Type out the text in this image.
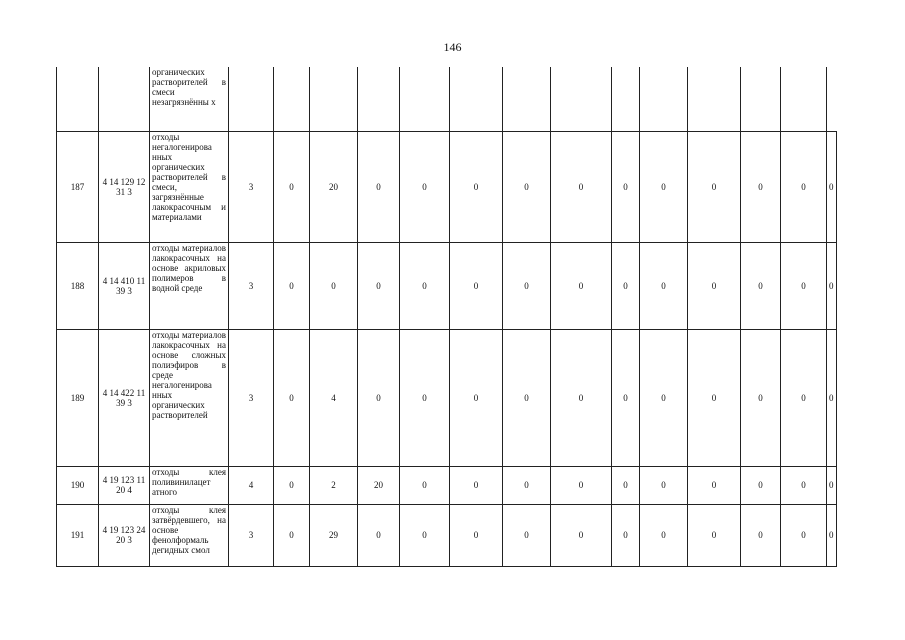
146
		органических растворителей в смеси незагрязнённы х														
187	4 14 129 12 31 3	отходы негалогенирова нных органических растворителей в смеси, загрязнённые лакокрасочным и материалами	3	0	20	0	0	0	0	0	0	0	0	0	0	0
188	4 14 410 11 39 3	отходы материалов лакокрасочных на основе акриловых полимеров в водной среде	3	0	0	0	0	0	0	0	0	0	0	0	0	0
189	4 14 422 11 39 3	отходы материалов лакокрасочных на основе сложных полиэфиров в среде негалогенирова нных органических растворителей	3	0	4	0	0	0	0	0	0	0	0	0	0	0
190	4 19 123 11 20 4	отходы клея поливинилацет атного	4	0	2	20	0	0	0	0	0	0	0	0	0	0
191	4 19 123 24 20 3	отходы клея затвёрдевшего, на основе фенолформаль дегидных смол	3	0	29	0	0	0	0	0	0	0	0	0	0	0
